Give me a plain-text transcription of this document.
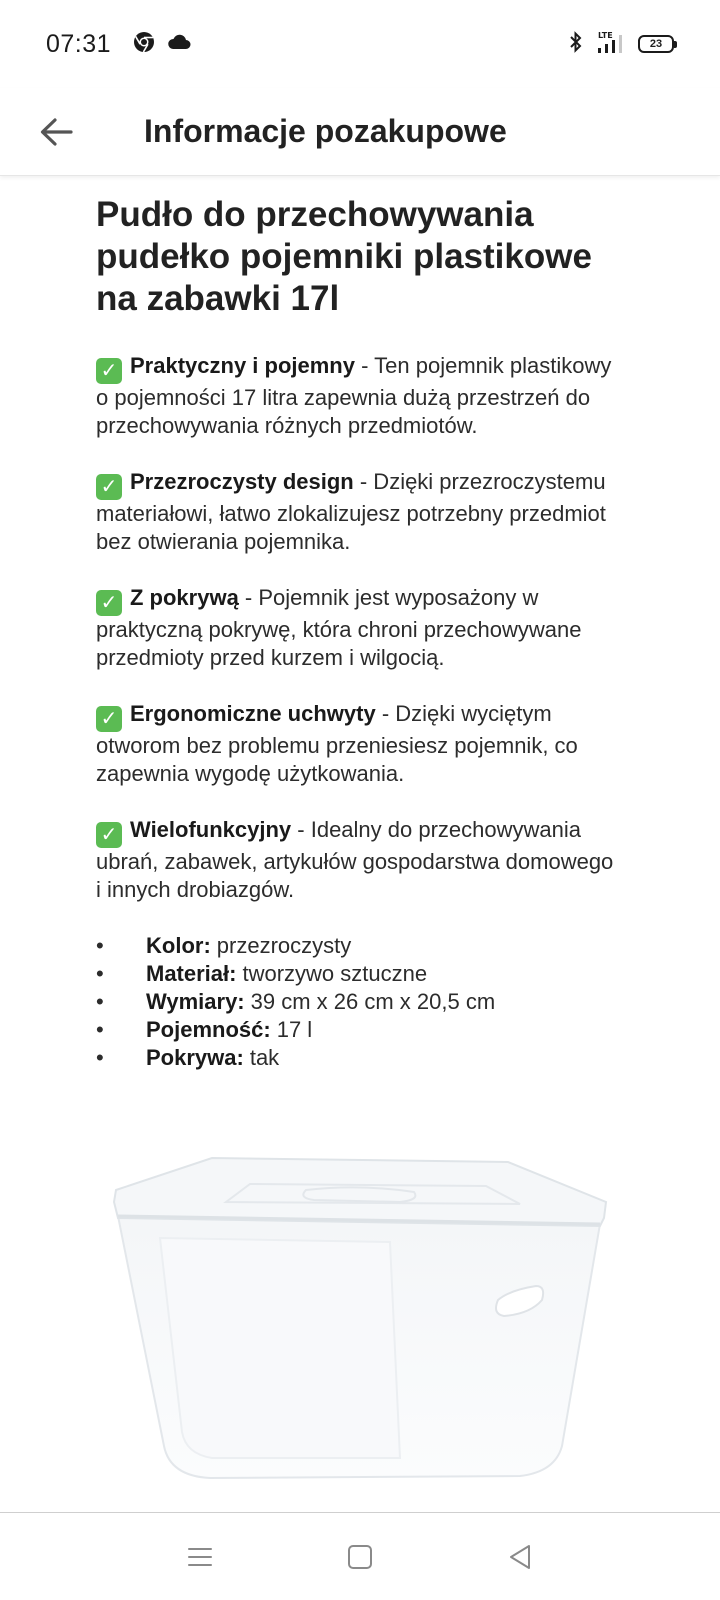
07:31	LTE
23
Informacje pozakupowe
Pudło do przechowywania pudełko pojemniki plastikowe na zabawki 17l

✓ Praktyczny i pojemny - Ten pojemnik plastikowy o pojemności 17 litra zapewnia dużą przestrzeń do przechowywania różnych przedmiotów.

✓ Przezroczysty design - Dzięki przezroczystemu materiałowi, łatwo zlokalizujesz potrzebny przedmiot bez otwierania pojemnika.

✓ Z pokrywą - Pojemnik jest wyposażony w praktyczną pokrywę, która chroni przechowywane przedmioty przed kurzem i wilgocią.

✓ Ergonomiczne uchwyty - Dzięki wyciętym otworom bez problemu przeniesiesz pojemnik, co zapewnia wygodę użytkowania.

✓ Wielofunkcyjny - Idealny do przechowywania ubrań, zabawek, artykułów gospodarstwa domowego i innych drobiazgów.

•	Kolor: przezroczysty
•	Materiał: tworzywo sztuczne
•	Wymiary: 39 cm x 26 cm x 20,5 cm
•	Pojemność: 17 l
•	Pokrywa: tak
